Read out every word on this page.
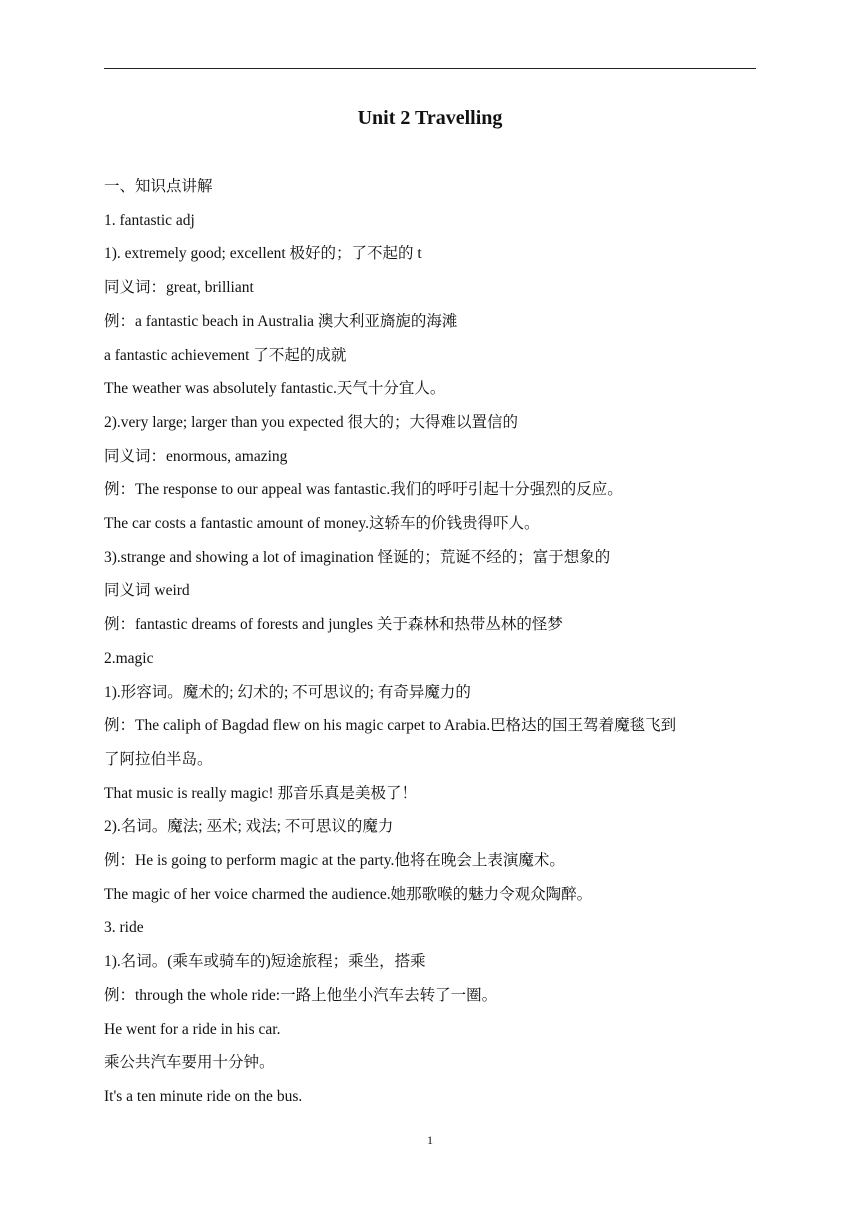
Unit 2 Travelling
一、知识点讲解
1. fantastic adj
1). extremely good; excellent 极好的；了不起的 t
同义词：great, brilliant
例：a fantastic beach in Australia 澳大利亚旖旎的海滩
a fantastic achievement 了不起的成就
The weather was absolutely fantastic.天气十分宜人。
2).very large; larger than you expected 很大的；大得难以置信的
同义词：enormous, amazing
例：The response to our appeal was fantastic.我们的呼吁引起十分强烈的反应。
The car costs a fantastic amount of money.这轿车的价钱贵得吓人。
3).strange and showing a lot of imagination 怪诞的；荒诞不经的；富于想象的
同义词 weird
例：fantastic dreams of forests and jungles 关于森林和热带丛林的怪梦
2.magic
1).形容词。魔术的; 幻术的; 不可思议的; 有奇异魔力的
例：The caliph of Bagdad flew on his magic carpet to Arabia.巴格达的国王驾着魔毯飞到
了阿拉伯半岛。
That music is really magic! 那音乐真是美极了！
2).名词。魔法; 巫术; 戏法; 不可思议的魔力
例：He is going to perform magic at the party.他将在晚会上表演魔术。
The magic of her voice charmed the audience.她那歌喉的魅力令观众陶醉。
3. ride
1).名词。(乘车或骑车的)短途旅程；乘坐，搭乘
例：through the whole ride:一路上他坐小汽车去转了一圈。
He went for a ride in his car.
乘公共汽车要用十分钟。
It's a ten minute ride on the bus.
1
